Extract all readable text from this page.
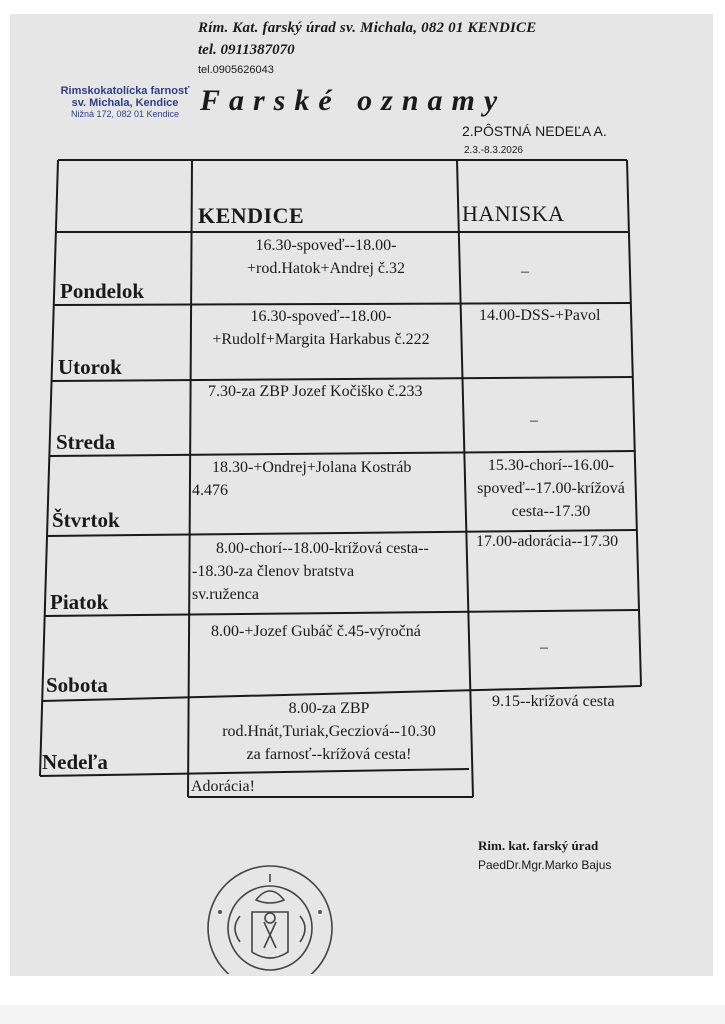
Rím. Kat. farský úrad sv. Michala, 082 01 KENDICE
tel. 0911387070
tel.0905626043
Rimskokatolícka farnosť
sv. Michala, Kendice
Nižná 172, 082 01 Kendice Farské oznamy
2.PÔSTNÁ NEDEĽA A.
2.3.-8.3.2026
KENDICE	HANISKA
Pondelok
16.30-spoveď--18.00-
+rod.Hatok+Andrej č.32	–
Utorok
16.30-spoveď--18.00-
+Rudolf+Margita Harkabus č.222
14.00-DSS-+Pavol
Streda
7.30-za ZBP Jozef Kočiško č.233
–
Štvrtok
18.30-+Ondrej+Jolana Kostráb
4.476
15.30-chorí--16.00-
spoveď--17.00-krížová
cesta--17.30
Piatok
8.00-chorí--18.00-krížová cesta--
-18.30-za členov bratstva
sv.ruženca
17.00-adorácia--17.30
Sobota
8.00-+Jozef Gubáč č.45-výročná
–
Nedeľa
8.00-za ZBP
rod.Hnát,Turiak,Gecziová--10.30
za farnosť--krížová cesta!
9.15--krížová cesta
Adorácia!
Rim. kat. farský úrad
PaedDr.Mgr.Marko Bajus
